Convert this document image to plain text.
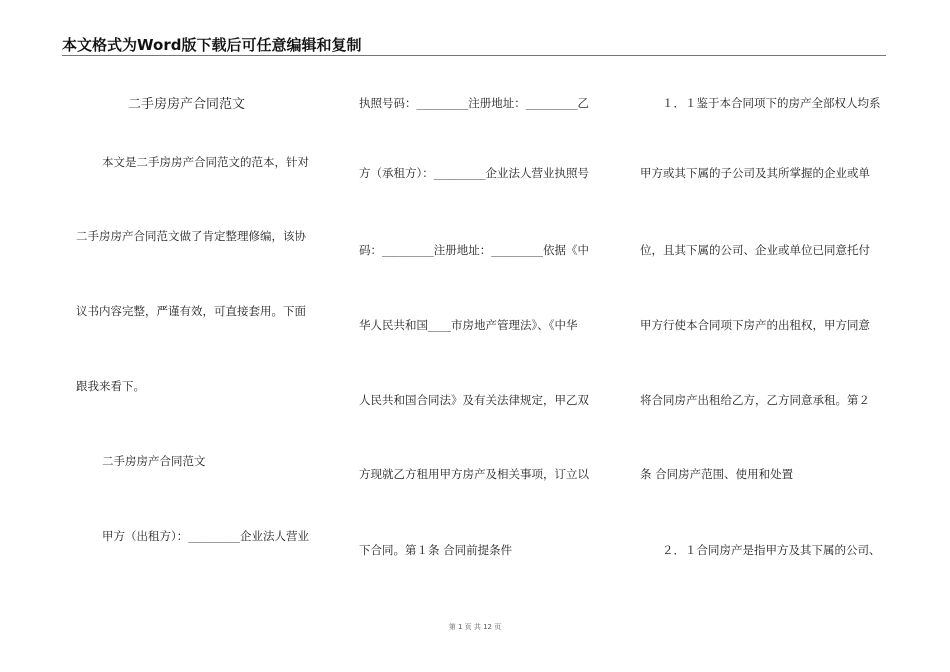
本文格式为Word版下载后可任意编辑和复制
二手房房产合同范文
本文是二手房房产合同范文的范本，针对
二手房房产合同范文做了肯定整理修编，该协
议书内容完整，严谨有效，可直接套用。下面
跟我来看下。
二手房房产合同范文
甲方（出租方）：_________企业法人营业
执照号码：_________注册地址：_________乙
方（承租方）：_________企业法人营业执照号
码：_________注册地址：_________依据《中
华人民共和国____市房地产管理法》、《中华
人民共和国合同法》及有关法律规定，甲乙双
方现就乙方租用甲方房产及相关事项，订立以
下合同。第１条 合同前提条件
１．１鉴于本合同项下的房产全部权人均系
甲方或其下属的子公司及其所掌握的企业或单
位，且其下属的公司、企业或单位已同意托付
甲方行使本合同项下房产的出租权，甲方同意
将合同房产出租给乙方，乙方同意承租。第２
条 合同房产范围、使用和处置
２．１合同房产是指甲方及其下属的公司、
第 1 页 共 12 页
